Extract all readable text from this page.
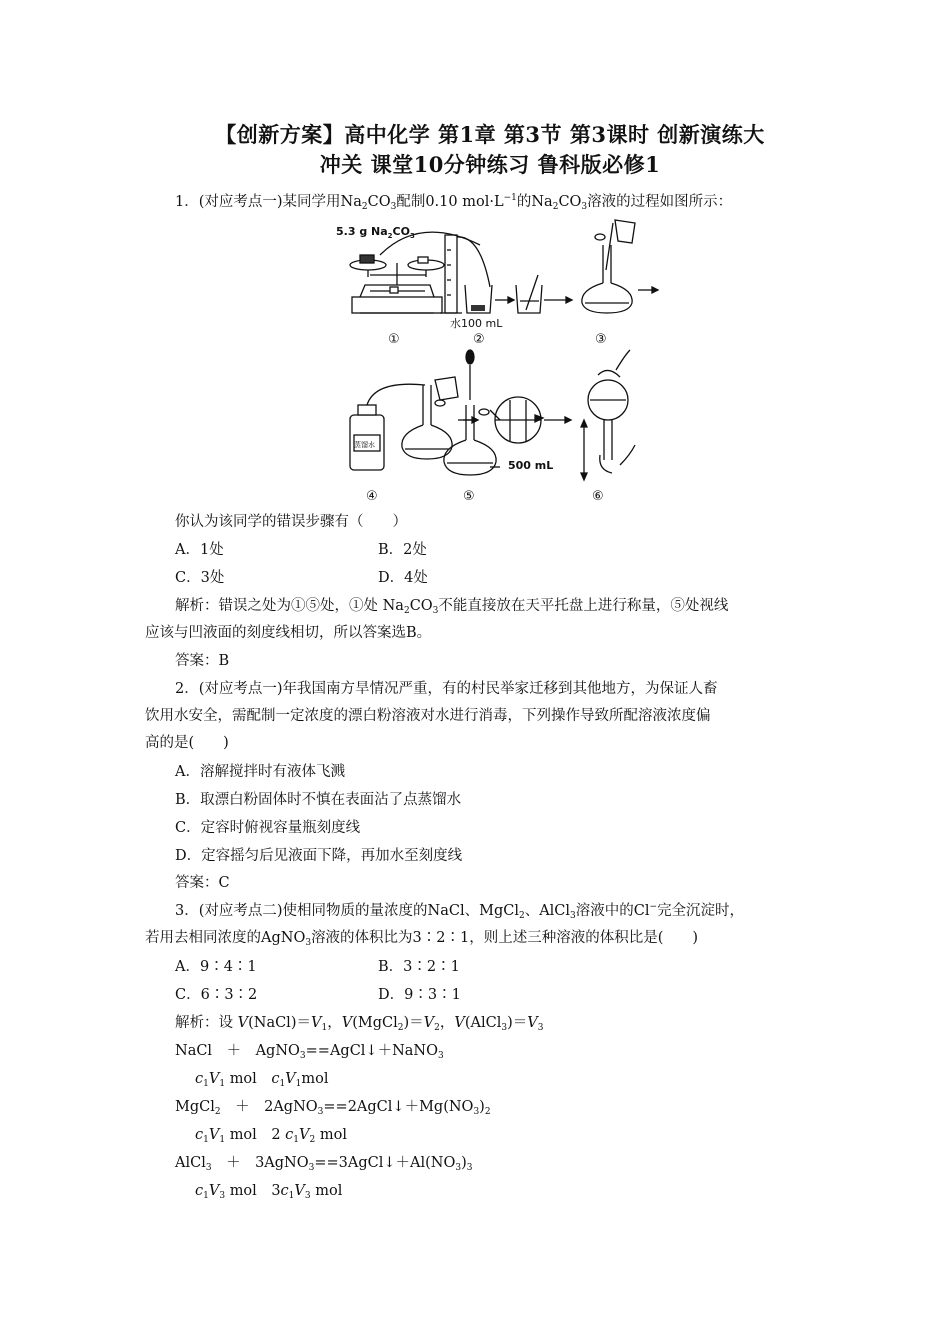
【创新方案】高中化学 第1章 第3节 第3课时 创新演练大
冲关 课堂10分钟练习 鲁科版必修1
1．(对应考点一)某同学用$Na_2CO_3$配制0.10 $mol\cdot L^{-1}$的$Na_2CO_3$溶液的过程如图所示：
5.3 g $Na_2CO_3$
水100 mL
500 mL
蒸馏水
①	②	③
④	⑤	⑥
你认为该同学的错误步骤有（　　）
A．1处	B．2处
C．3处	D．4处
解析：错误之处为①⑤处，①处 $Na_2CO_3$不能直接放在天平托盘上进行称量，⑤处视线
应该与凹液面的刻度线相切，所以答案选B。
答案：B
2．(对应考点一)年我国南方旱情况严重，有的村民举家迁移到其他地方，为保证人畜
饮用水安全，需配制一定浓度的漂白粉溶液对水进行消毒，下列操作导致所配溶液浓度偏
高的是(　　)
A．溶解搅拌时有液体飞溅
B．取漂白粉固体时不慎在表面沾了点蒸馏水
C．定容时俯视容量瓶刻度线
D．定容摇匀后见液面下降，再加水至刻度线
答案：C
3．(对应考点二)使相同物质的量浓度的NaCl、MgCl$_2$、AlCl$_3$溶液中的Cl−完全沉淀时，
若用去相同浓度的AgNO$_3$溶液的体积比为3∶2∶1，则上述三种溶液的体积比是(　　)
A．9∶4∶1	B．3∶2∶1
C．6∶3∶2	D．9∶3∶1
解析：设 $V(NaCl)=V_1$，$V(MgCl_2)=V_2$，$V(AlCl_3)=V_3$
NaCl　＋　AgNO$_3$==AgCl↓＋NaNO$_3$
$c_1V_1$ mol　 $c_1V_1mol$
MgCl$_2$　＋　$2AgNO_3==2AgCl↓+Mg(NO_3)_2$
$c_1V_1$ mol　 2 $c_1V_2$ mol
AlCl$_3$　＋　$3AgNO_3==3AgCl↓+Al(NO_3)_3$
$c_1V_3$ mol　 $3c_1V_3$ mol
